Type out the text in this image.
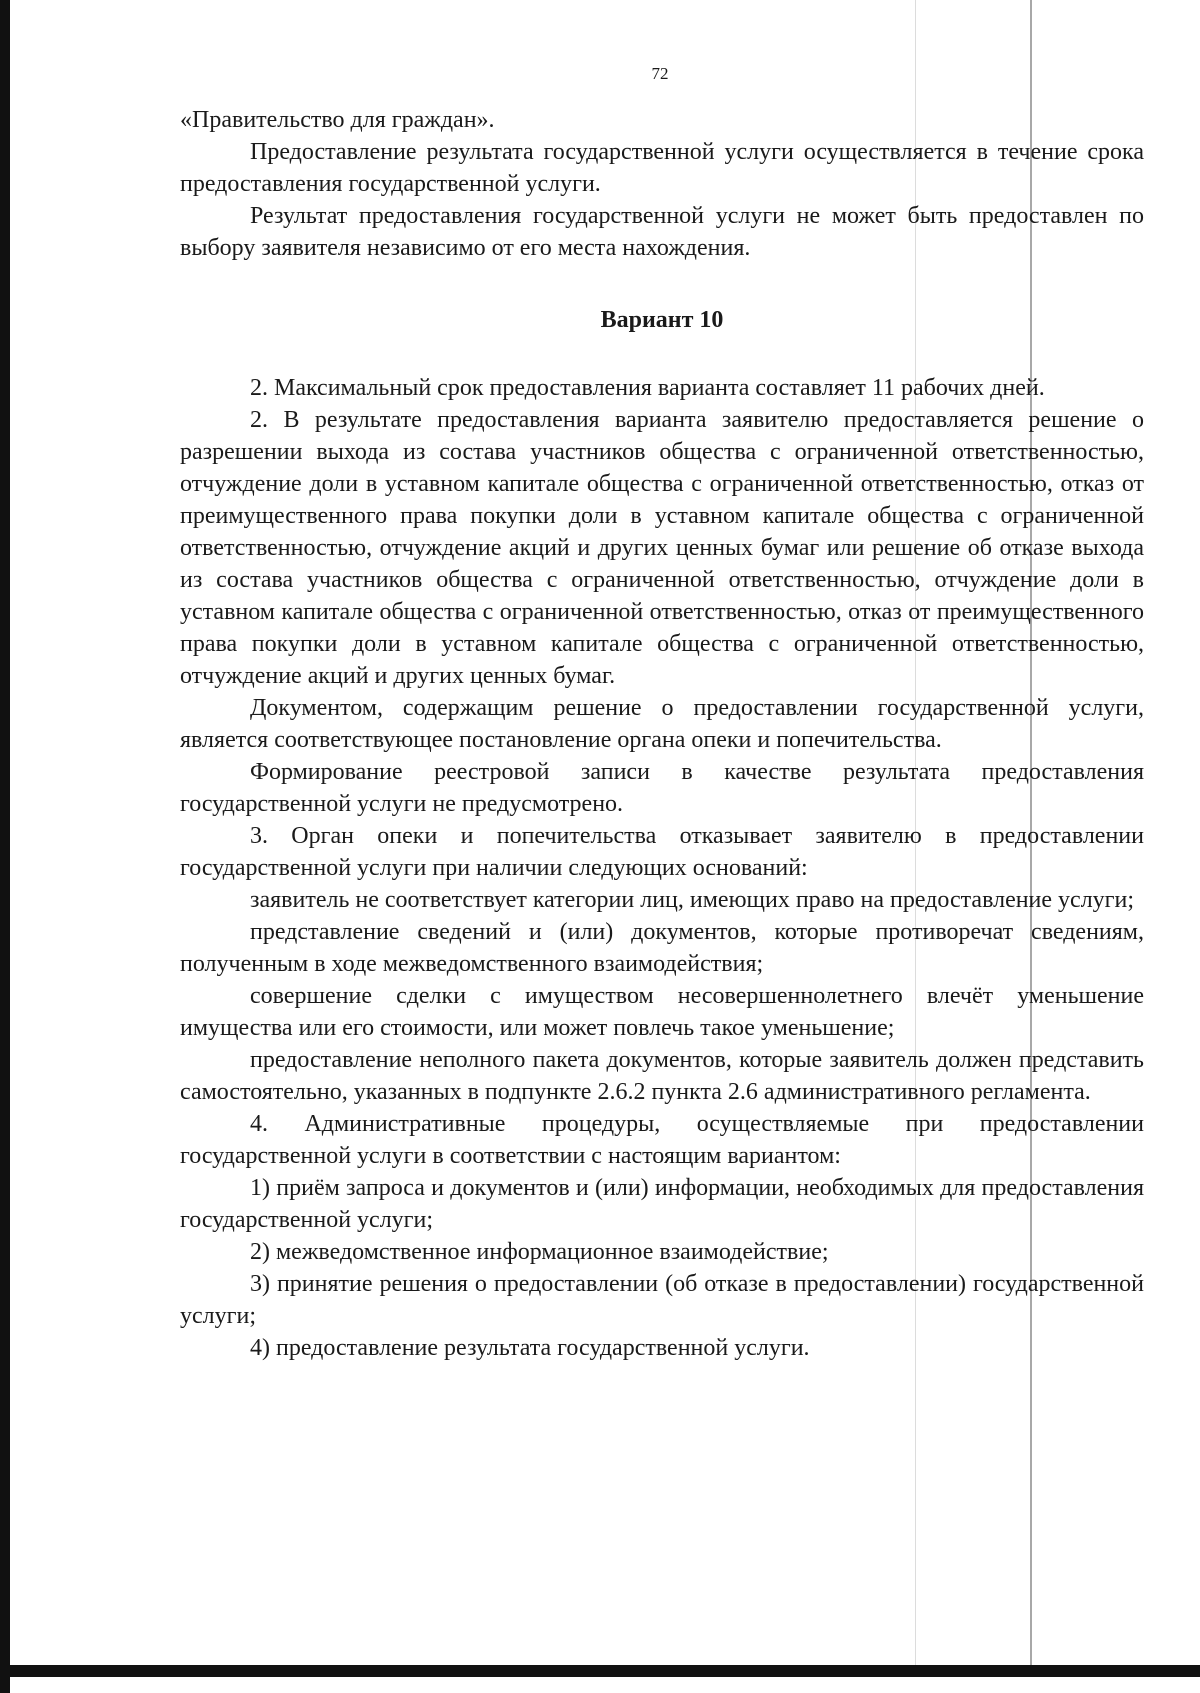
72

«Правительство для граждан».

Предоставление результата государственной услуги осуществляется в течение срока предоставления государственной услуги.

Результат предоставления государственной услуги не может быть предоставлен по выбору заявителя независимо от его места нахождения.

Вариант 10

2. Максимальный срок предоставления варианта составляет 11 рабочих дней.

2. В результате предоставления варианта заявителю предоставляется решение о разрешении выхода из состава участников общества с ограниченной ответственностью, отчуждение доли в уставном капитале общества с ограниченной ответственностью, отказ от преимущественного права покупки доли в уставном капитале общества с ограниченной ответственностью, отчуждение акций и других ценных бумаг или решение об отказе выхода из состава участников общества с ограниченной ответственностью, отчуждение доли в уставном капитале общества с ограниченной ответственностью, отказ от преимущественного права покупки доли в уставном капитале общества с ограниченной ответственностью, отчуждение акций и других ценных бумаг.

Документом, содержащим решение о предоставлении государственной услуги, является соответствующее постановление органа опеки и попечительства.

Формирование реестровой записи в качестве результата предоставления государственной услуги не предусмотрено.

3. Орган опеки и попечительства отказывает заявителю в предоставлении государственной услуги при наличии следующих оснований:

заявитель не соответствует категории лиц, имеющих право на предоставление услуги;

представление сведений и (или) документов, которые противоречат сведениям, полученным в ходе межведомственного взаимодействия;

совершение сделки с имуществом несовершеннолетнего влечёт уменьшение имущества или его стоимости, или может повлечь такое уменьшение;

предоставление неполного пакета документов, которые заявитель должен представить самостоятельно, указанных в подпункте 2.6.2 пункта 2.6 административного регламента.

4. Административные процедуры, осуществляемые при предоставлении государственной услуги в соответствии с настоящим вариантом:

1) приём запроса и документов и (или) информации, необходимых для предоставления государственной услуги;

2) межведомственное информационное взаимодействие;

3) принятие решения о предоставлении (об отказе в предоставлении) государственной услуги;

4) предоставление результата государственной услуги.
